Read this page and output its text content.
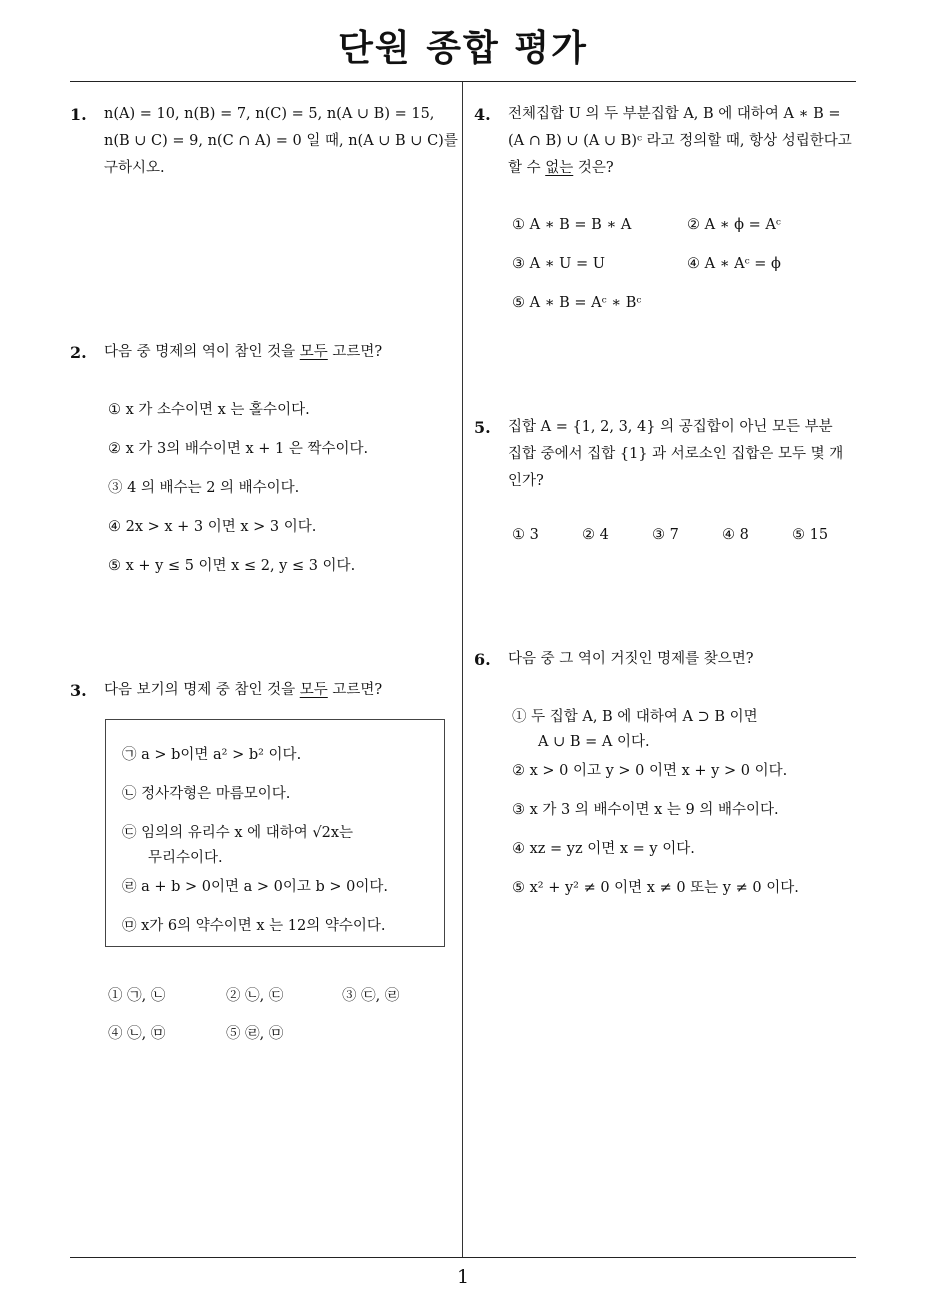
단원 종합 평가
1
1. n(A) = 10, n(B) = 7, n(C) = 5, n(A ∪ B) = 15,
n(B ∪ C) = 9, n(C ∩ A) = 0 일 때, n(A ∪ B ∪ C)를
구하시오.
2. 다음 중 명제의 역이 참인 것을 모두 고르면?
① x 가 소수이면 x 는 홀수이다.
② x 가 3의 배수이면 x + 1 은 짝수이다.
③ 4 의 배수는 2 의 배수이다.
④ 2x > x + 3 이면 x > 3 이다.
⑤ x + y ≤ 5 이면 x ≤ 2, y ≤ 3 이다.
3. 다음 보기의 명제 중 참인 것을 모두 고르면?
㉠ a > b이면 a² > b² 이다.
㉡ 정사각형은 마름모이다.
㉢ 임의의 유리수 x 에 대하여 √2x는
무리수이다.
㉣ a + b > 0이면 a > 0이고 b > 0이다.
㉤ x가 6의 약수이면 x 는 12의 약수이다.
① ㉠, ㉡	② ㉡, ㉢	③ ㉢, ㉣
④ ㉡, ㉤	⑤ ㉣, ㉤
4. 전체집합 U 의 두 부분집합 A, B 에 대하여 A ∗ B =
(A ∩ B) ∪ (A ∪ B)ᶜ 라고 정의할 때, 항상 성립한다고
할 수 없는 것은?
① A ∗ B = B ∗ A	② A ∗ ϕ = Aᶜ
③ A ∗ U = U	④ A ∗ Aᶜ = ϕ
⑤ A ∗ B = Aᶜ ∗ Bᶜ
5. 집합 A = {1, 2, 3, 4} 의 공집합이 아닌 모든 부분
집합 중에서 집합 {1} 과 서로소인 집합은 모두 몇 개
인가?
① 3	② 4	③ 7	④ 8	⑤ 15
6. 다음 중 그 역이 거짓인 명제를 찾으면?
① 두 집합 A, B 에 대하여 A ⊃ B 이면
A ∪ B = A 이다.
② x > 0 이고 y > 0 이면 x + y > 0 이다.
③ x 가 3 의 배수이면 x 는 9 의 배수이다.
④ xz = yz 이면 x = y 이다.
⑤ x² + y² ≠ 0 이면 x ≠ 0 또는 y ≠ 0 이다.
